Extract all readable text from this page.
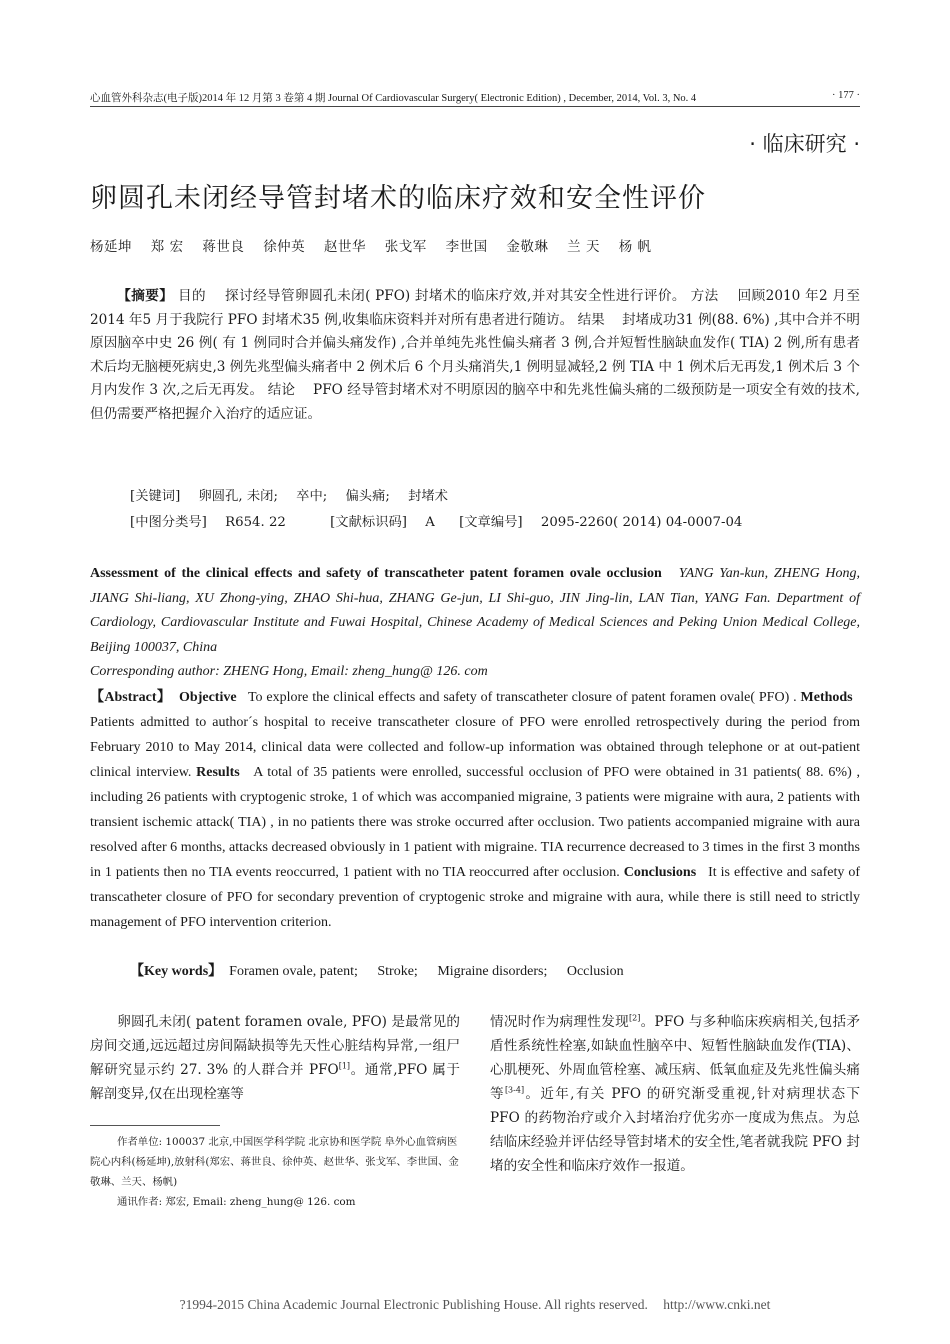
心血管外科杂志(电子版)2014 年 12 月第 3 卷第 4 期 Journal Of Cardiovascular Surgery( Electronic Edition) , December, 2014, Vol. 3, No. 4	· 177 ·
· 临床研究 ·
卵圆孔未闭经导管封堵术的临床疗效和安全性评价
杨延坤 郑 宏 蒋世良 徐仲英 赵世华 张戈军 李世国 金敬琳 兰 天 杨 帆
【摘要】 目的 探讨经导管卵圆孔未闭( PFO) 封堵术的临床疗效,并对其安全性进行评价。 方法 回顾2010 年2 月至2014 年5 月于我院行 PFO 封堵术35 例,收集临床资料并对所有患者进行随访。 结果 封堵成功31 例(88. 6%) ,其中合并不明原因脑卒中史 26 例( 有 1 例同时合并偏头痛发作) ,合并单纯先兆性偏头痛者 3 例,合并短暂性脑缺血发作( TIA) 2 例,所有患者术后均无脑梗死病史,3 例先兆型偏头痛者中 2 例术后 6 个月头痛消失,1 例明显减轻,2 例 TIA 中 1 例术后无再发,1 例术后 3 个月内发作 3 次,之后无再发。 结论 PFO 经导管封堵术对不明原因的脑卒中和先兆性偏头痛的二级预防是一项安全有效的技术,但仍需要严格把握介入治疗的适应证。
[关键词] 卵圆孔, 未闭; 卒中; 偏头痛; 封堵术
[中图分类号] R654. 22	[文献标识码] A [文章编号] 2095-2260( 2014) 04-0007-04
Assessment of the clinical effects and safety of transcatheter patent foramen ovale occlusion YANG Yan-kun, ZHENG Hong, JIANG Shi-liang, XU Zhong-ying, ZHAO Shi-hua, ZHANG Ge-jun, LI Shi-guo, JIN Jing-lin, LAN Tian, YANG Fan. Department of Cardiology, Cardiovascular Institute and Fuwai Hospital, Chinese Academy of Medical Sciences and Peking Union Medical College, Beijing 100037, China
Corresponding author: ZHENG Hong, Email: zheng_hung@ 126. com
【Abstract】 Objective To explore the clinical effects and safety of transcatheter closure of patent foramen ovale( PFO) . Methods   Patients admitted to author´s hospital to receive transcatheter closure of PFO were enrolled retrospectively during the period from February 2010 to May 2014, clinical data were collected and follow-up information was obtained through telephone or at out-patient clinical interview. Results A total of 35 patients were enrolled, successful occlusion of PFO were obtained in 31 patients( 88. 6%) , including 26 patients with cryptogenic stroke, 1 of which was accompanied migraine, 3 patients were migraine with aura, 2 patients with transient ischemic attack( TIA) , in no patients there was stroke occurred after occlusion. Two patients accompanied migraine with aura resolved after 6 months, attacks decreased obviously in 1 patient with migraine. TIA recurrence decreased to 3 times in the first 3 months in 1 patients then no TIA events reoccurred, 1 patient with no TIA reoccurred after occlusion. Conclusions It is effective and safety of transcatheter closure of PFO for secondary prevention of cryptogenic stroke and migraine with aura, while there is still need to strictly management of PFO intervention criterion.
【Key words】 Foramen ovale, patent; Stroke; Migraine disorders; Occlusion
卵圆孔未闭( patent foramen ovale, PFO) 是最常见的房间交通,远远超过房间隔缺损等先天性心脏结构异常,一组尸解研究显示约 27. 3% 的人群合并 PFO[1]。通常,PFO 属于解剖变异,仅在出现栓塞等
情况时作为病理性发现[2]。PFO 与多种临床疾病相关,包括矛盾性系统性栓塞,如缺血性脑卒中、短暂性脑缺血发作(TIA)、心肌梗死、外周血管栓塞、减压病、低氧血症及先兆性偏头痛等[3-4]。近年,有关 PFO 的研究渐受重视,针对病理状态下 PFO 的药物治疗或介入封堵治疗优劣亦一度成为焦点。为总结临床经验并评估经导管封堵术的安全性,笔者就我院 PFO 封堵的安全性和临床疗效作一报道。

作者单位: 100037 北京,中国医学科学院 北京协和医学院 阜外心血管病医院心内科(杨延坤),放射科(郑宏、蒋世良、徐仲英、赵世华、张戈军、李世国、金敬琳、兰天、杨帆)

通讯作者: 郑宏, Email: zheng_hung@ 126. com

?1994-2015 China Academic Journal Electronic Publishing House. All rights reserved. http://www.cnki.net
